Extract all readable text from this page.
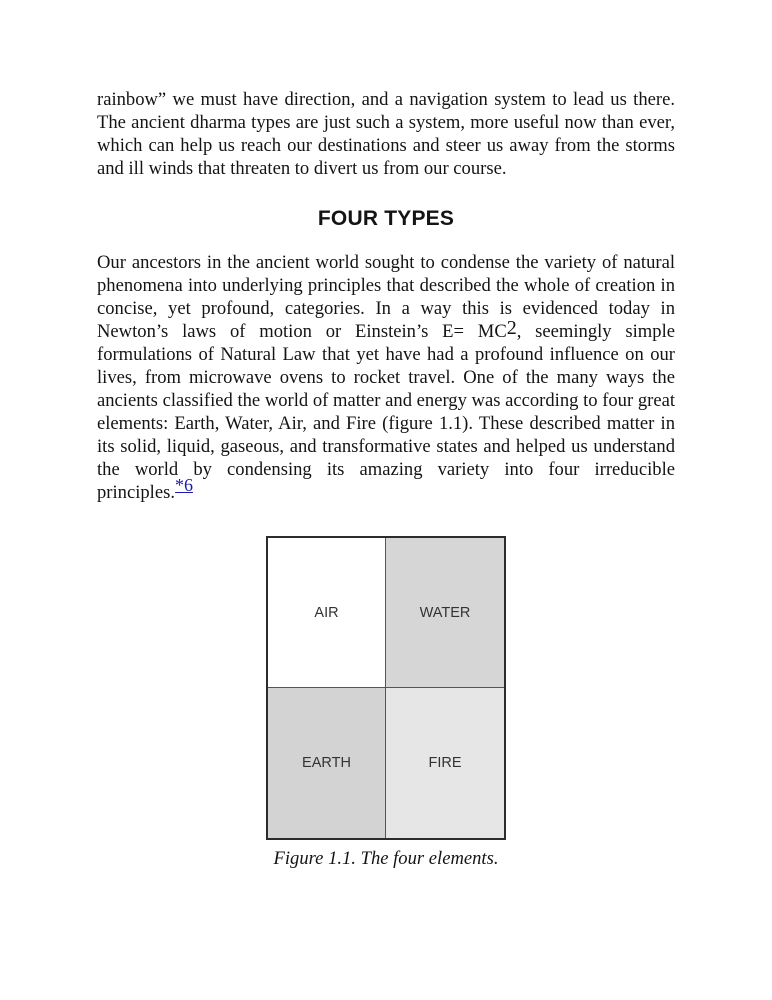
rainbow” we must have direction, and a navigation system to lead us there. The ancient dharma types are just such a system, more useful now than ever, which can help us reach our destinations and steer us away from the storms and ill winds that threaten to divert us from our course.

FOUR TYPES

Our ancestors in the ancient world sought to condense the variety of natural phenomena into underlying principles that described the whole of creation in concise, yet profound, categories. In a way this is evidenced today in Newton’s laws of motion or Einstein’s $E= MC^2$, seemingly simple formulations of Natural Law that yet have had a profound influence on our lives, from microwave ovens to rocket travel. One of the many ways the ancients classified the world of matter and energy was according to four great elements: Earth, Water, Air, and Fire (figure 1.1). These described matter in its solid, liquid, gaseous, and transformative states and helped us understand the world by condensing its amazing variety into four irreducible principles.*6

AIR	WATER
EARTH	FIRE
Figure 1.1. The four elements.
